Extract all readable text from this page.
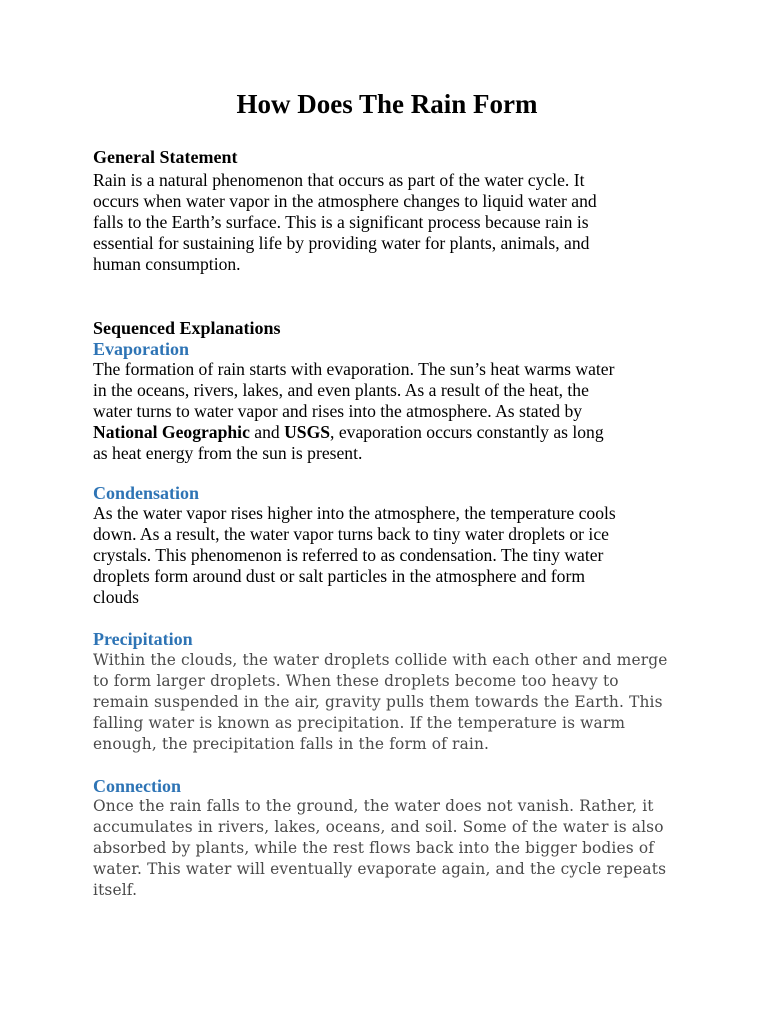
How Does The Rain Form
General Statement

Rain is a natural phenomenon that occurs as part of the water cycle. It
occurs when water vapor in the atmosphere changes to liquid water and
falls to the Earth’s surface. This is a significant process because rain is
essential for sustaining life by providing water for plants, animals, and
human consumption.

Sequenced Explanations
Evaporation

The formation of rain starts with evaporation. The sun’s heat warms water
in the oceans, rivers, lakes, and even plants. As a result of the heat, the
water turns to water vapor and rises into the atmosphere. As stated by
National Geographic and USGS, evaporation occurs constantly as long
as heat energy from the sun is present.

Condensation

As the water vapor rises higher into the atmosphere, the temperature cools
down. As a result, the water vapor turns back to tiny water droplets or ice
crystals. This phenomenon is referred to as condensation. The tiny water
droplets form around dust or salt particles in the atmosphere and form
clouds

Precipitation

Within the clouds, the water droplets collide with each other and merge
to form larger droplets. When these droplets become too heavy to
remain suspended in the air, gravity pulls them towards the Earth. This
falling water is known as precipitation. If the temperature is warm
enough, the precipitation falls in the form of rain.

Connection

Once the rain falls to the ground, the water does not vanish. Rather, it
accumulates in rivers, lakes, oceans, and soil. Some of the water is also
absorbed by plants, while the rest flows back into the bigger bodies of
water. This water will eventually evaporate again, and the cycle repeats
itself.
